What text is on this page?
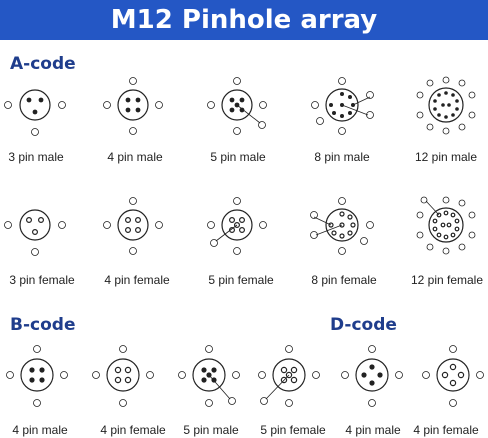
M12 Pinhole array
A-code
B-code	D-code
3 pin male	4 pin male	5 pin male	8 pin male	12 pin male
3 pin female 4 pin female	5 pin female	8 pin female	12 pin female
4 pin male	4 pin female 5 pin male 5 pin female 4 pin male 4 pin female
